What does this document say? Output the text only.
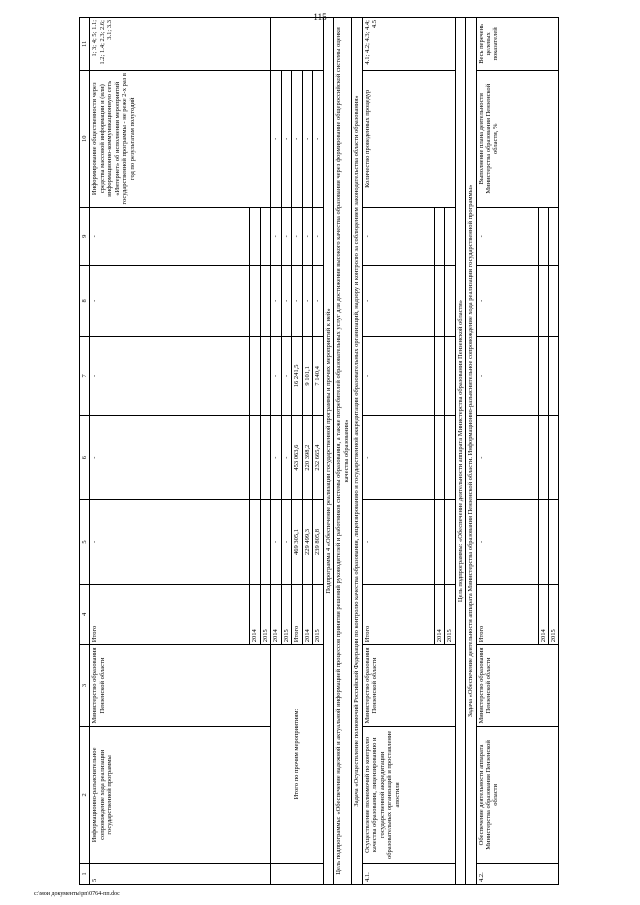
115
1	2	3	4	5	6	7	8	9	10	11
5	Информационно-разъяснительное сопровождение хода реализации государственной программы	Министерство образования Пензенской области	Итого	-	-	-	-	-	Информирование общественности через средства массовой информации и (или) информационно-коммуникационную сеть «Интернет» об исполнении мероприятий государственной программы - не реже 2-х раз в год по результатам полугодий	1; 3; 4; 5; 1.1; 1.2; 1.4; 2.3; 2.6; 3.1; 3.3
			2014							
			2015							
	Итого по прочим мероприятиям:		2014	-	-	-	-	-	-	
			2015	-	-	-	-	-	-	
			Итого	469 305,1	453 063,6	16 241,5	-	-	-	
			2014	229 499,3	220 398,2	9 101,1	-	-	-	
			2015	239 805,8	232 665,4	7 140,4	-	-	-	
Подпрограмма 4 «Обеспечение реализации государственной программы и прочих мероприятий к ней»										
Цель подпрограммы: «Обеспечение надежной и актуальной информацией процессов принятия решений руководителей и работников системы образования, а также потребителей образовательных услуг для достижения высокого качества образования через формирование общероссийской системы оценки качества образования»										
Задача «Осуществление полномочий Российской Федерации по контролю качества образования, лицензированию и государственной аккредитации образовательных организаций, надзору и контролю за соблюдением законодательства области образования»										
4.1.	Осуществление полномочий по контролю качества образования, лицензированию и государственной аккредитации образовательных организаций и проставление апостиля	Министерство образования Пензенской области	Итого	-	-	-	-	-	Количество проведенных процедур	4.1; 4.2; 4.3; 4.4; 4.5
			2014							
			2015							
Цель подпрограммы: «Обеспечение деятельности аппарата Министерства образования Пензенской области»										
Задача «Обеспечение деятельности аппарата Министерства образования Пензенской области. Информационно-разъяснительное сопровождение хода реализации государственной программы»										
4.2.	Обеспечение деятельности аппарата Министерства образования Пензенской области	Министерство образования Пензенской области	Итого	-	-	-	-	-	Выполнение плана деятельности Министерства образования Пензенской области, %	Весь перечень целевых показателей
			2014							
			2015							
c:\мои документы\рп\0764-пп.doc
